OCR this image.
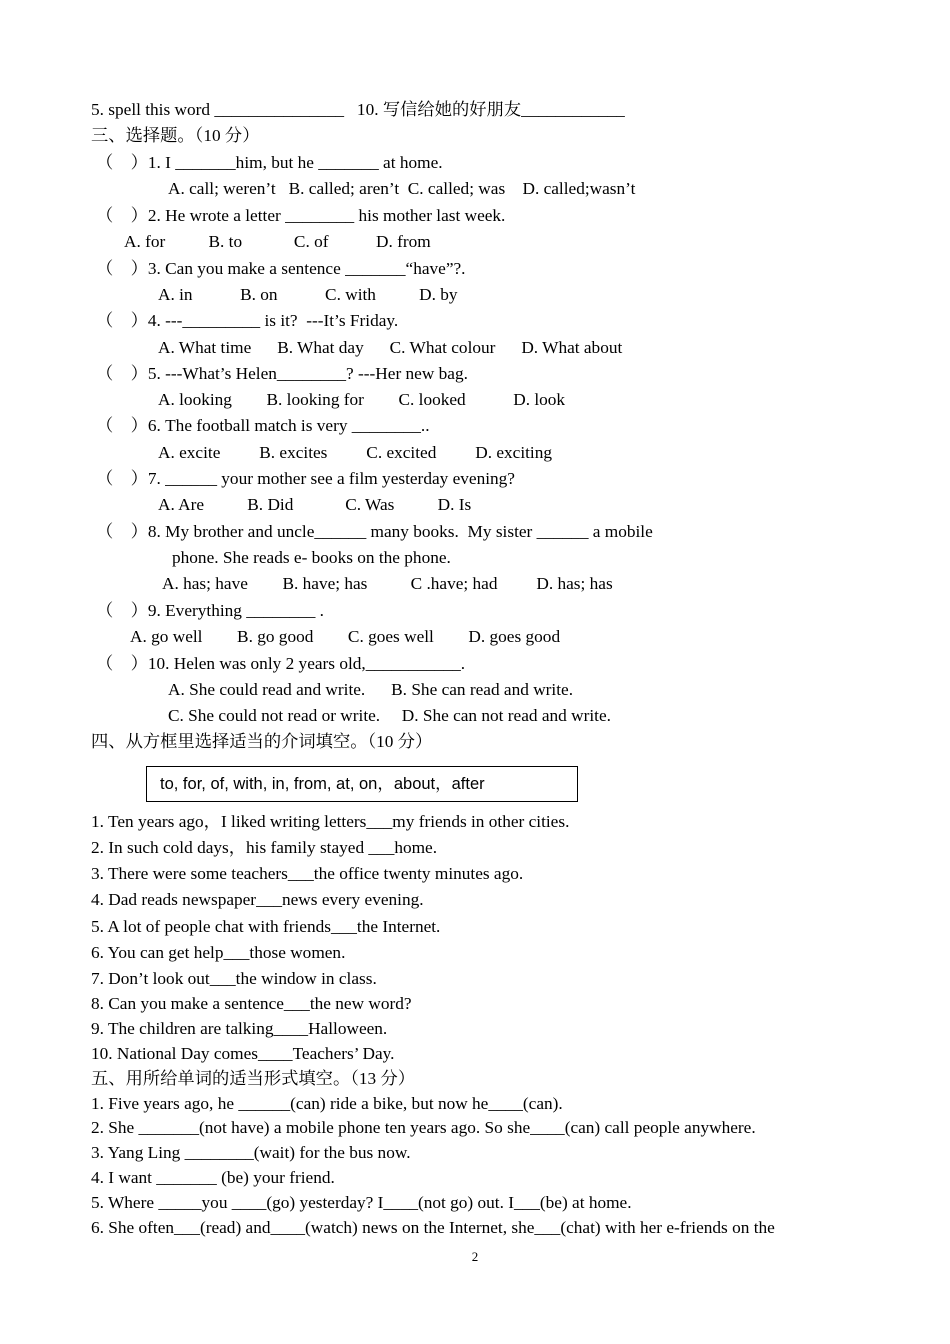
5. spell this word _______________   10. 写信给她的好朋友____________
三、选择题。（10 分）
（    ）1. I _______him, but he _______ at home.
A. call; weren’t   B. called; aren’t  C. called; was    D. called;wasn’t
（    ）2. He wrote a letter ________ his mother last week.
A. for          B. to            C. of           D. from
（    ）3. Can you make a sentence _______“have”?.
A. in           B. on           C. with          D. by
（    ）4. ---_________ is it?  ---It’s Friday.
A. What time      B. What day      C. What colour      D. What about
（    ）5. ---What’s Helen________? ---Her new bag.
A. looking        B. looking for        C. looked           D. look
（    ）6. The football match is very ________..
A. excite         B. excites         C. excited         D. exciting
（    ）7. ______ your mother see a film yesterday evening?
A. Are          B. Did            C. Was          D. Is
（    ）8. My brother and uncle______ many books.  My sister ______ a mobile
phone. She reads e- books on the phone.
A. has; have        B. have; has          C .have; had         D. has; has
（    ）9. Everything ________ .
A. go well        B. go good        C. goes well        D. goes good
（    ）10. Helen was only 2 years old,___________.
A. She could read and write.      B. She can read and write.
C. She could not read or write.     D. She can not read and write.
四、从方框里选择适当的介词填空。（10 分）
1. Ten years ago，I liked writing letters___my friends in other cities.
2. In such cold days，his family stayed ___home.
3. There were some teachers___the office twenty minutes ago.
4. Dad reads newspaper___news every evening.
5. A lot of people chat with friends___the Internet.
6. You can get help___those women.
7. Don’t look out___the window in class.
8. Can you make a sentence___the new word?
9. The children are talking____Halloween.
10. National Day comes____Teachers’ Day.
五、用所给单词的适当形式填空。（13 分）
1. Five years ago, he ______(can) ride a bike, but now he____(can).
2. She _______(not have) a mobile phone ten years ago. So she____(can) call people anywhere.
3. Yang Ling ________(wait) for the bus now.
4. I want _______ (be) your friend.
5. Where _____you ____(go) yesterday? I____(not go) out. I___(be) at home.
6. She often___(read) and____(watch) news on the Internet, she___(chat) with her e-friends on the
to, for, of, with, in, from, at, on，about，after
2
